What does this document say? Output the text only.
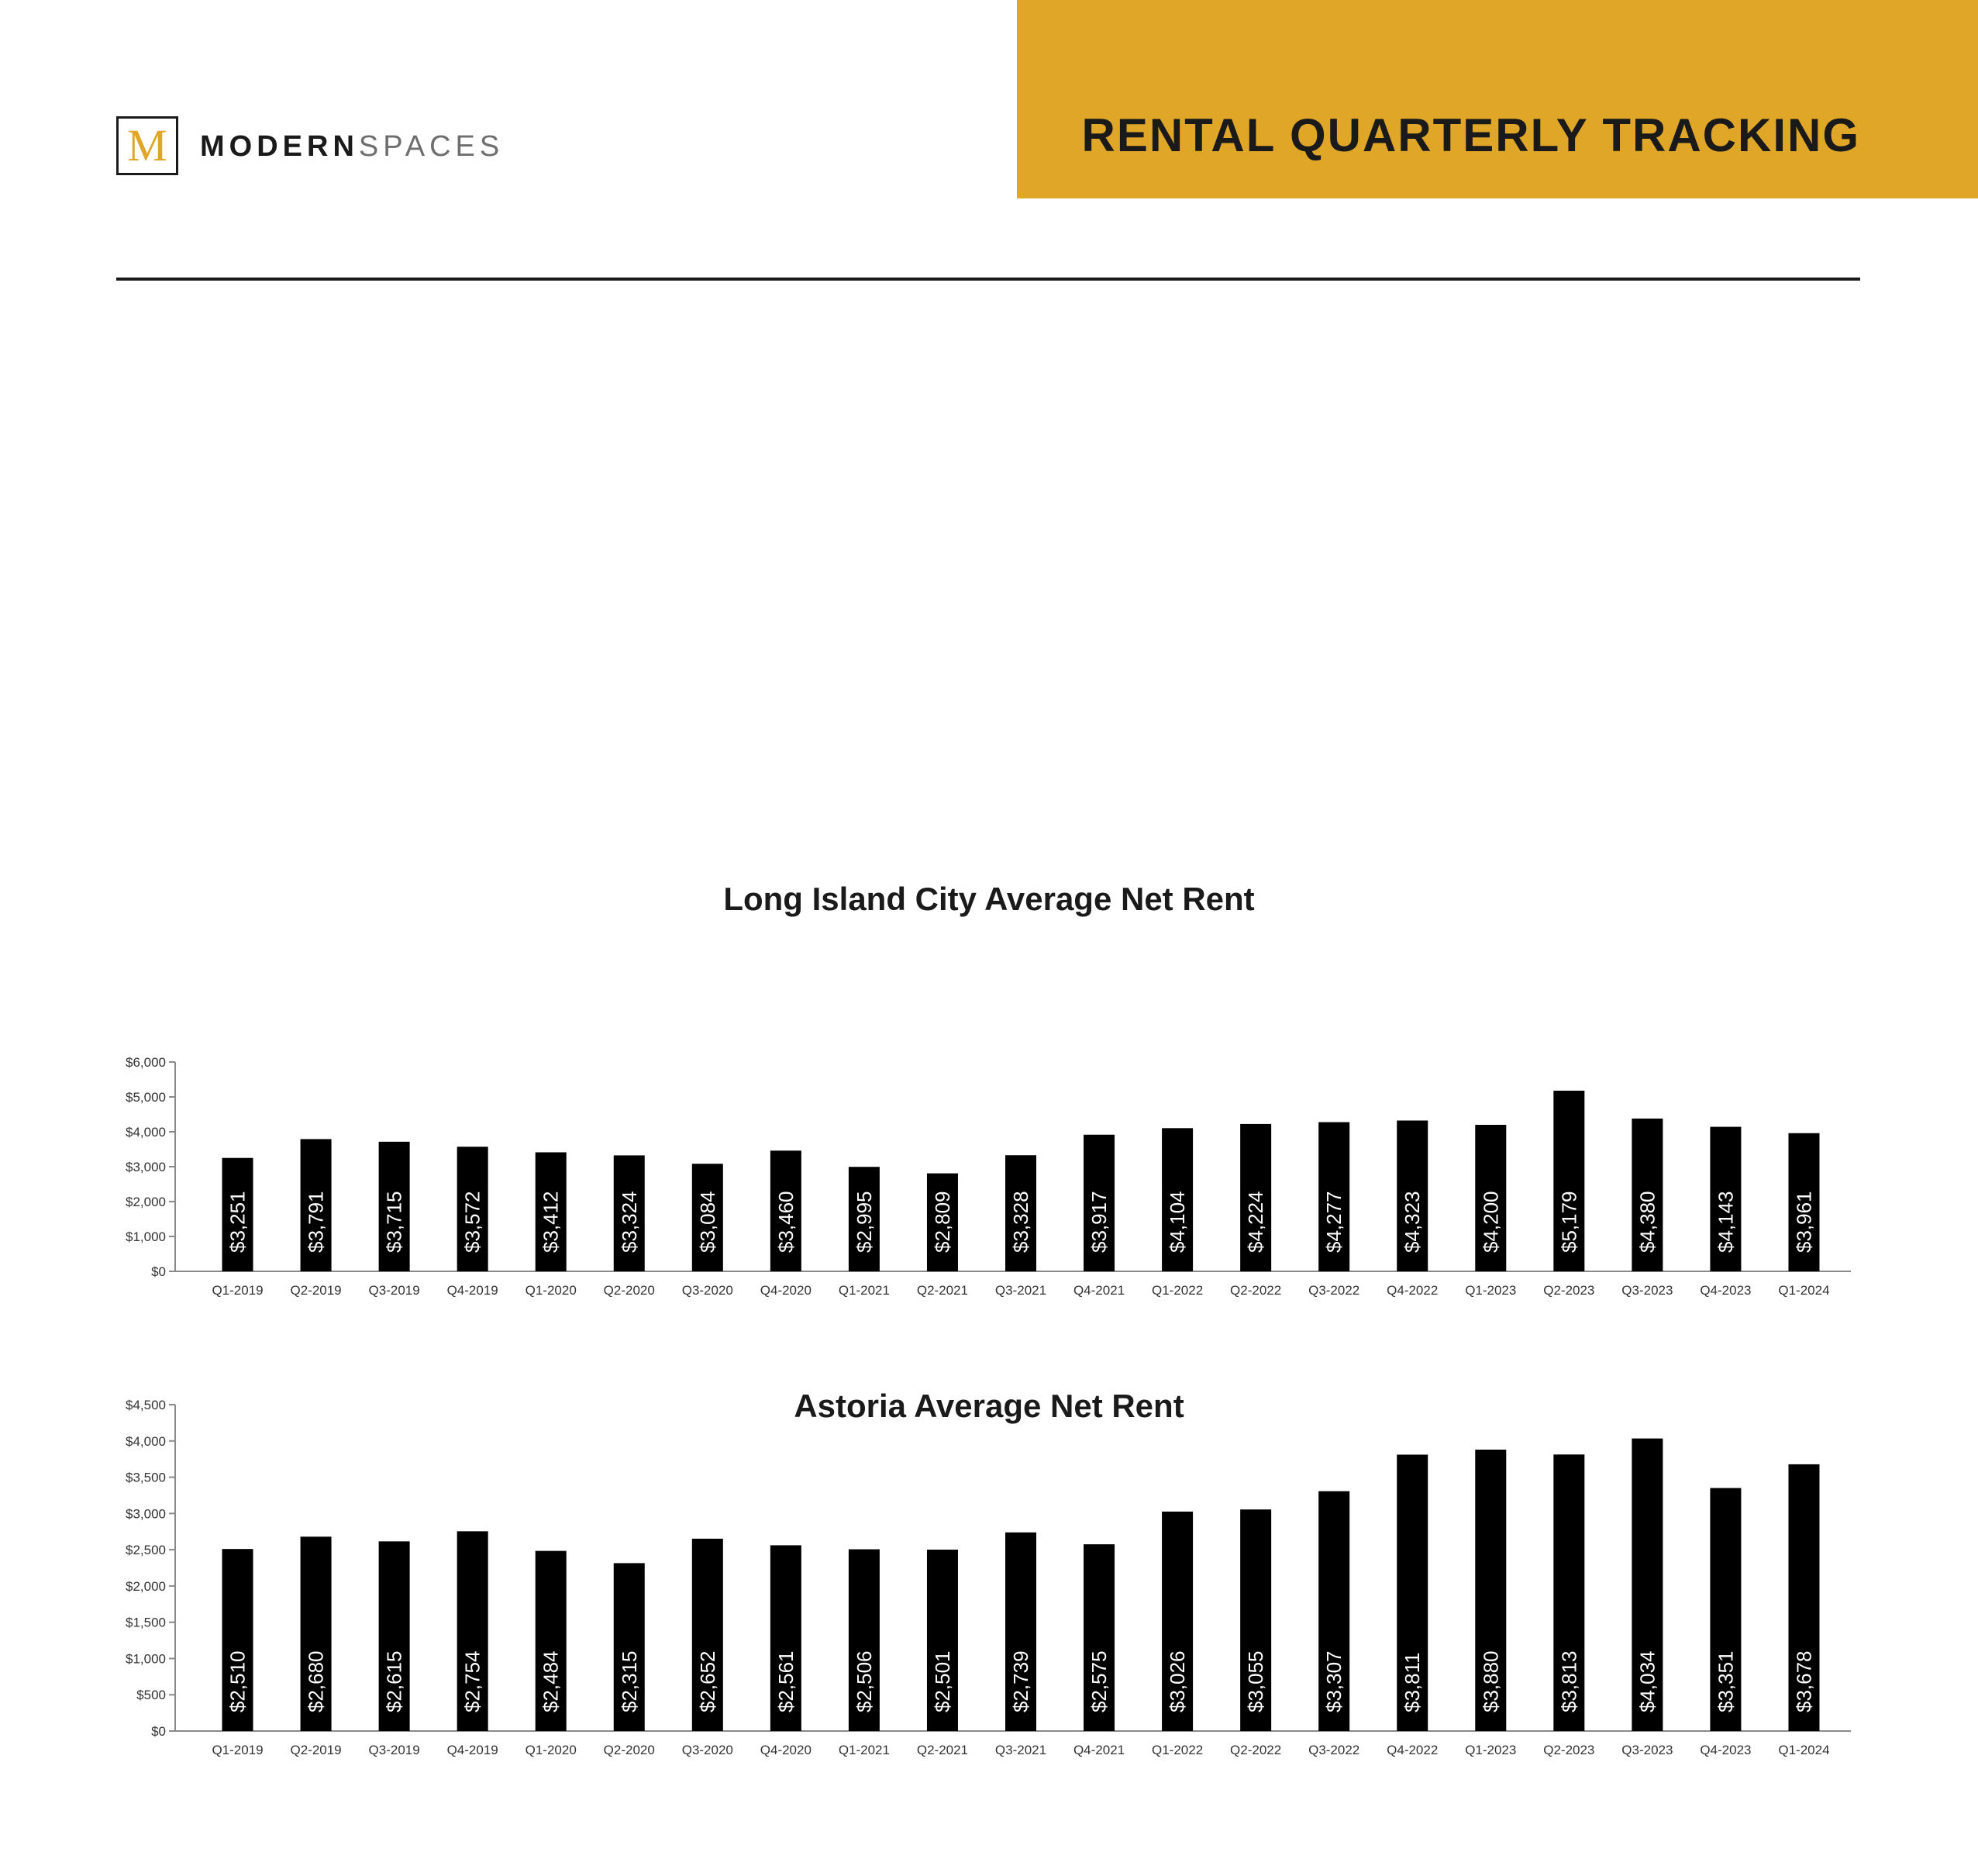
RENTAL QUARTERLY TRACKING
M	MODERNSPACES
Long Island City Average Net Rent
$0
$1,000
$2,000
$3,000
$4,000
$5,000
$6,000
$3,251
Q1-2019
$3,791
Q2-2019
$3,715
Q3-2019
$3,572
Q4-2019
$3,412
Q1-2020
$3,324
Q2-2020
$3,084
Q3-2020
$3,460
Q4-2020
$2,995
Q1-2021
$2,809
Q2-2021
$3,328
Q3-2021
$3,917
Q4-2021
$4,104
Q1-2022
$4,224
Q2-2022
$4,277
Q3-2022
$4,323
Q4-2022
$4,200
Q1-2023
$5,179
Q2-2023
$4,380
Q3-2023
$4,143
Q4-2023
$3,961
Q1-2024
Astoria Average Net Rent
$0
$500
$1,000
$1,500
$2,000
$2,500
$3,000
$3,500
$4,000
$4,500
$2,510
Q1-2019
$2,680
Q2-2019
$2,615
Q3-2019
$2,754
Q4-2019
$2,484
Q1-2020
$2,315
Q2-2020
$2,652
Q3-2020
$2,561
Q4-2020
$2,506
Q1-2021
$2,501
Q2-2021
$2,739
Q3-2021
$2,575
Q4-2021
$3,026
Q1-2022
$3,055
Q2-2022
$3,307
Q3-2022
$3,811
Q4-2022
$3,880
Q1-2023
$3,813
Q2-2023
$4,034
Q3-2023
$3,351
Q4-2023
$3,678
Q1-2024
